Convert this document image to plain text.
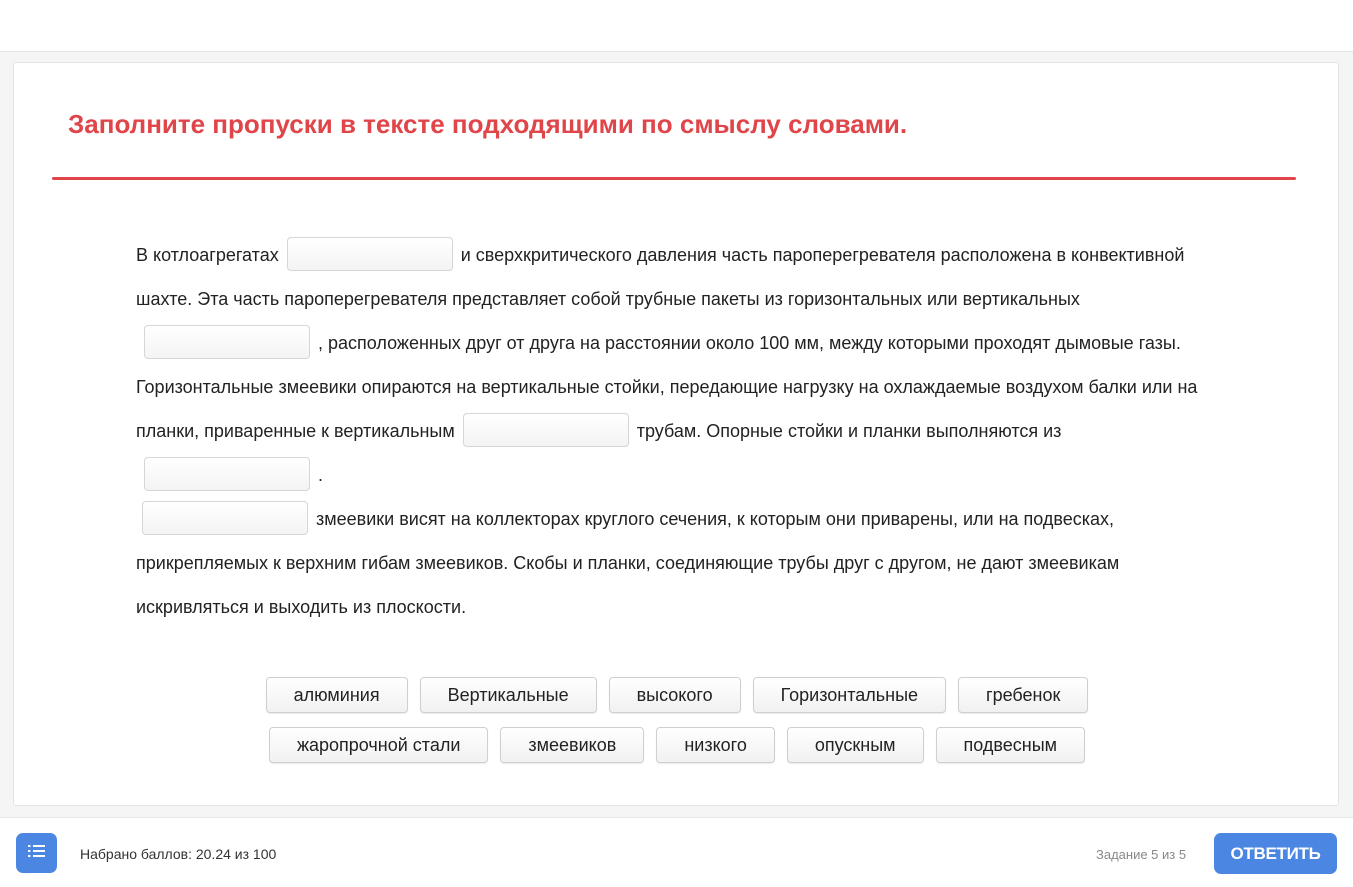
Заполните пропуски в тексте подходящими по смыслу словами.
В котлоагрегатах	и сверхкритического давления часть пароперегревателя расположена в конвективной шахте. Эта часть пароперегревателя представляет собой трубные пакеты из горизонтальных или вертикальных, расположенных друг от друга на расстоянии около 100 мм, между которыми проходят дымовые газы. Горизонтальные змеевики опираются на вертикальные стойки, передающие нагрузку на охлаждаемые воздухом балки или на планки, приваренные к вертикальным	трубам. Опорные стойки и планки выполняются из.
змеевики висят на коллекторах круглого сечения, к которым они приварены, или на подвесках, прикрепляемых к верхним гибам змеевиков. Скобы и планки, соединяющие трубы друг с другом, не дают змеевикам искривляться и выходить из плоскости.
алюминия	Вертикальные	высокого	Горизонтальные	гребенок
жаропрочной стали	змеевиков	низкого	опускным	подвесным
Набрано баллов: 20.24 из 100	Задание 5 из 5	ОТВЕТИТЬ
